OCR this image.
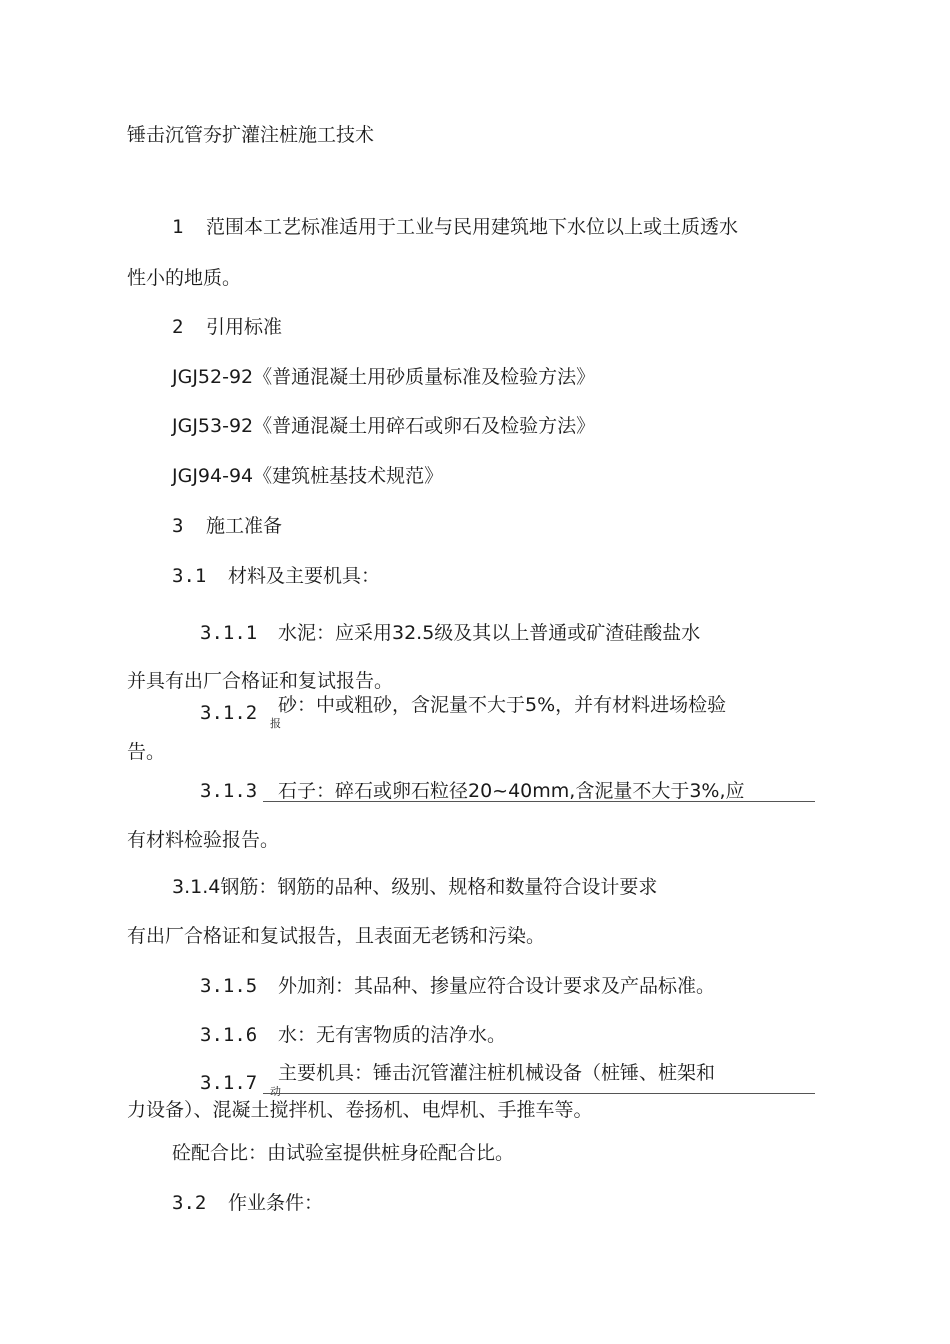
锤击沉管夯扩灌注桩施工技术

1 范围本工艺标准适用于工业与民用建筑地下水位以上或土质透水

性小的地质。

2 引用标准

JGJ52-92《普通混凝土用砂质量标准及检验方法》

JGJ53-92《普通混凝土用碎石或卵石及检验方法》

JGJ94-94《建筑桩基技术规范》

3 施工准备
3.1 材料及主要机具：
3.1.1 水泥：应采用32.5级及其以上普通或矿渣硅酸盐水

并具有出厂合格证和复试报告。

3.1.2 砂：中或粗砂，含泥量不大于5%，并有材料进场检验
报

告。

3.1.3 石子：碎石或卵石粒径20~40mm,含泥量不大于3%,应

有材料检验报告。

3.1.4钢筋：钢筋的品种、级别、规格和数量符合设计要求

有出厂合格证和复试报告，且表面无老锈和污染。

3.1.5 外加剂：其品种、掺量应符合设计要求及产品标准。
3.1.6 水：无有害物质的洁净水。
3.1.7 主要机具：锤击沉管灌注桩机械设备（桩锤、桩架和
动

力设备）、混凝土搅拌机、卷扬机、电焊机、手推车等。

砼配合比：由试验室提供桩身砼配合比。

3.2 作业条件：
